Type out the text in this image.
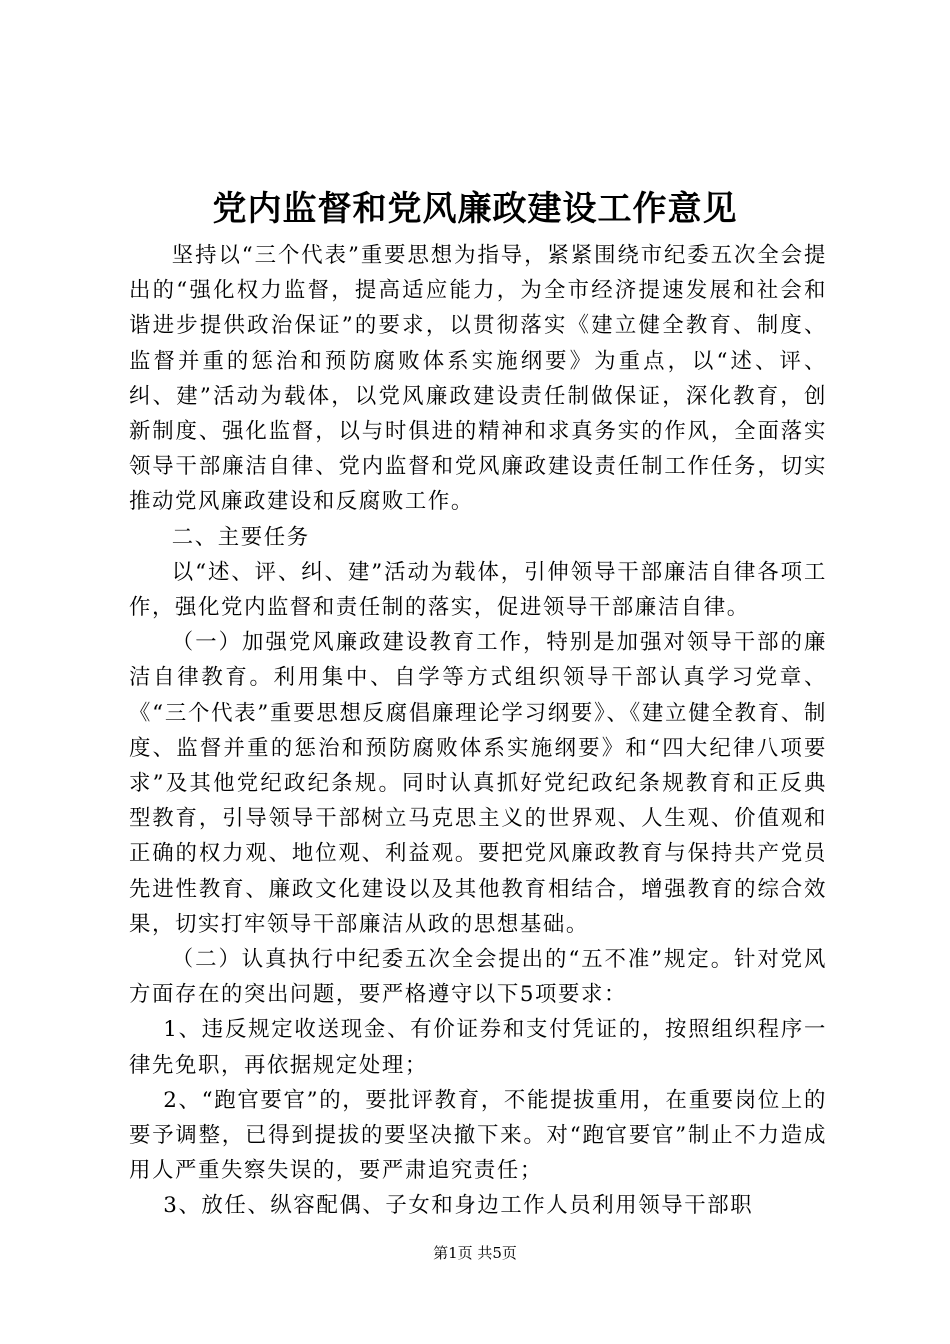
党内监督和党风廉政建设工作意见

坚持以“三个代表”重要思想为指导，紧紧围绕市纪委五次全会提出的“强化权力监督，提高适应能力，为全市经济提速发展和社会和谐进步提供政治保证”的要求，以贯彻落实《建立健全教育、制度、监督并重的惩治和预防腐败体系实施纲要》为重点，以“述、评、纠、建”活动为载体，以党风廉政建设责任制做保证，深化教育，创新制度、强化监督，以与时俱进的精神和求真务实的作风，全面落实领导干部廉洁自律、党内监督和党风廉政建设责任制工作任务，切实推动党风廉政建设和反腐败工作。

二、主要任务

以“述、评、纠、建”活动为载体，引伸领导干部廉洁自律各项工作，强化党内监督和责任制的落实，促进领导干部廉洁自律。

（一）加强党风廉政建设教育工作，特别是加强对领导干部的廉洁自律教育。利用集中、自学等方式组织领导干部认真学习党章、《“三个代表”重要思想反腐倡廉理论学习纲要》、《建立健全教育、制度、监督并重的惩治和预防腐败体系实施纲要》和“四大纪律八项要求”及其他党纪政纪条规。同时认真抓好党纪政纪条规教育和正反典型教育，引导领导干部树立马克思主义的世界观、人生观、价值观和正确的权力观、地位观、利益观。要把党风廉政教育与保持共产党员先进性教育、廉政文化建设以及其他教育相结合，增强教育的综合效果，切实打牢领导干部廉洁从政的思想基础。

（二）认真执行中纪委五次全会提出的“五不准”规定。针对党风方面存在的突出问题，要严格遵守以下5项要求：

1、违反规定收送现金、有价证券和支付凭证的，按照组织程序一律先免职，再依据规定处理；

2、“跑官要官”的，要批评教育，不能提拔重用，在重要岗位上的要予调整，已得到提拔的要坚决撤下来。对“跑官要官”制止不力造成用人严重失察失误的，要严肃追究责任；

3、放任、纵容配偶、子女和身边工作人员利用领导干部职

第1页 共5页
